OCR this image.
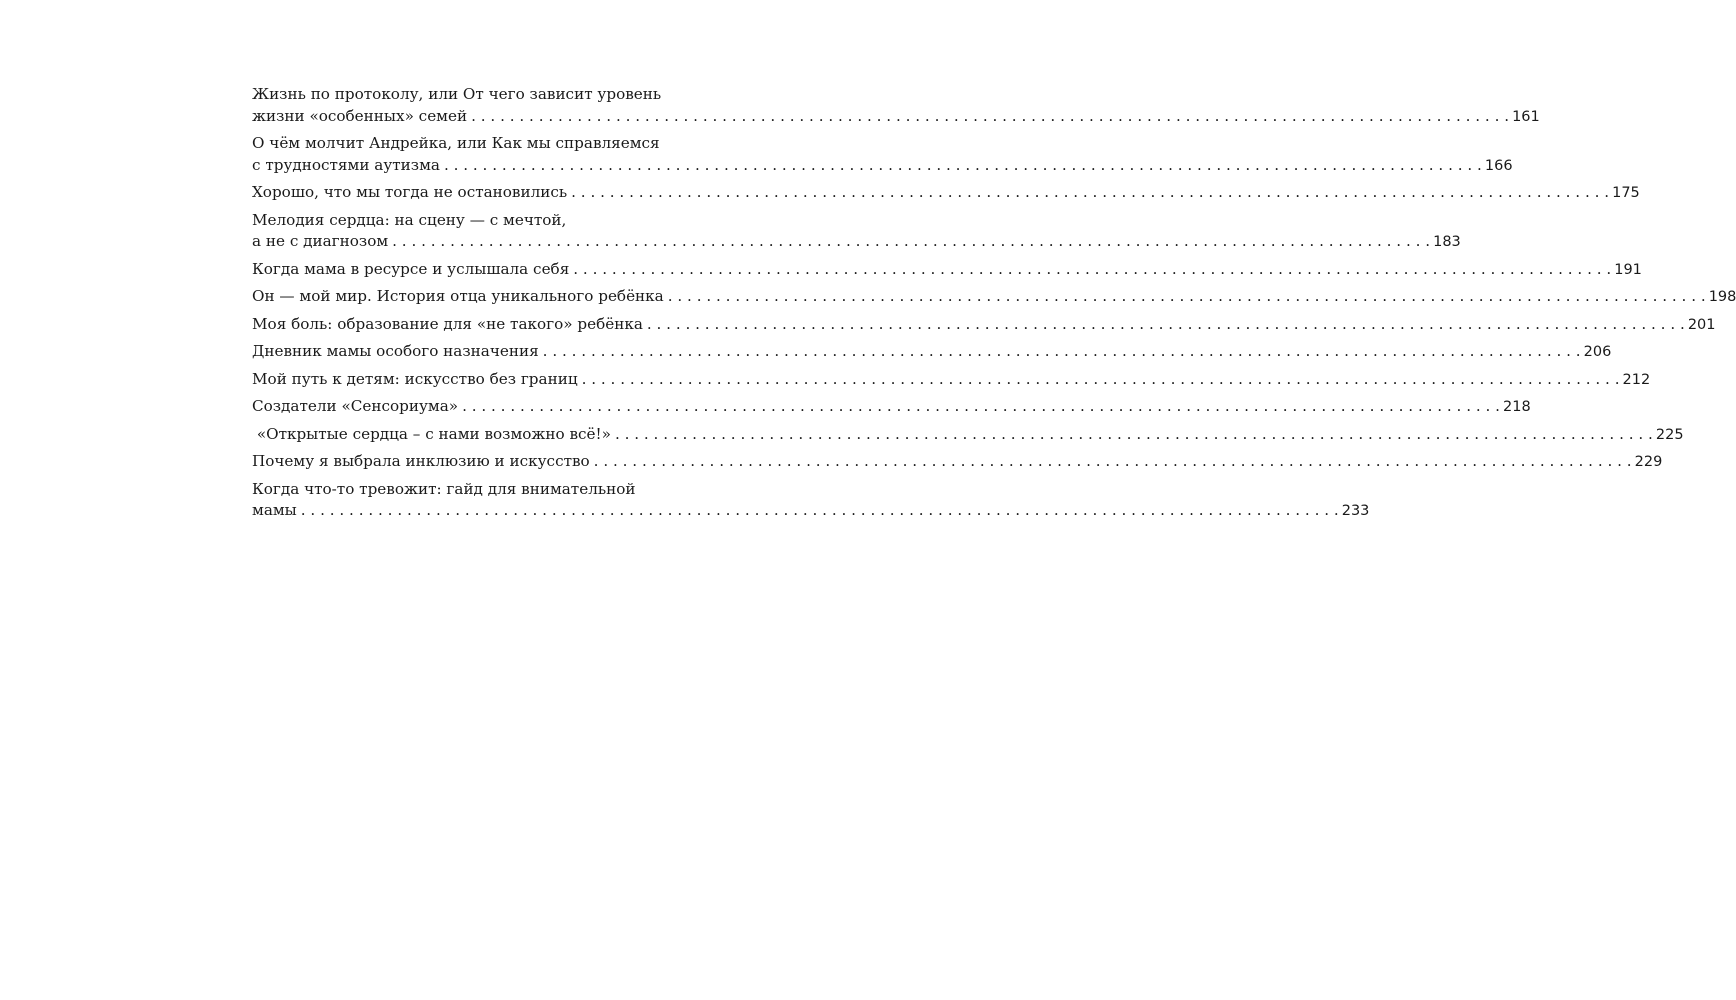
Жизнь по протоколу, или От чего зависит уровень
жизни «особенных» семей . . .	161
О чём молчит Андрейка, или Как мы справляемся
с трудностями аутизма . . .	166
Хорошо, что мы тогда не остановились . . .	175
Мелодия сердца: на сцену — с мечтой,
а не с диагнозом . . .	183
Когда мама в ресурсе и услышала себя . . .	191
Он — мой мир. История отца уникального ребёнка . . .	198
Моя боль: образование для «не такого» ребёнка . . .	201
Дневник мамы особого назначения . . .	206
Мой путь к детям: искусство без границ . . .	212
Создатели «Сенсориума» . . .	218
«Открытые сердца – с нами возможно всё!» . . .	225
Почему я выбрала инклюзию и искусство . . .	229
Когда что-то тревожит: гайд для внимательной
мамы . . .	233
